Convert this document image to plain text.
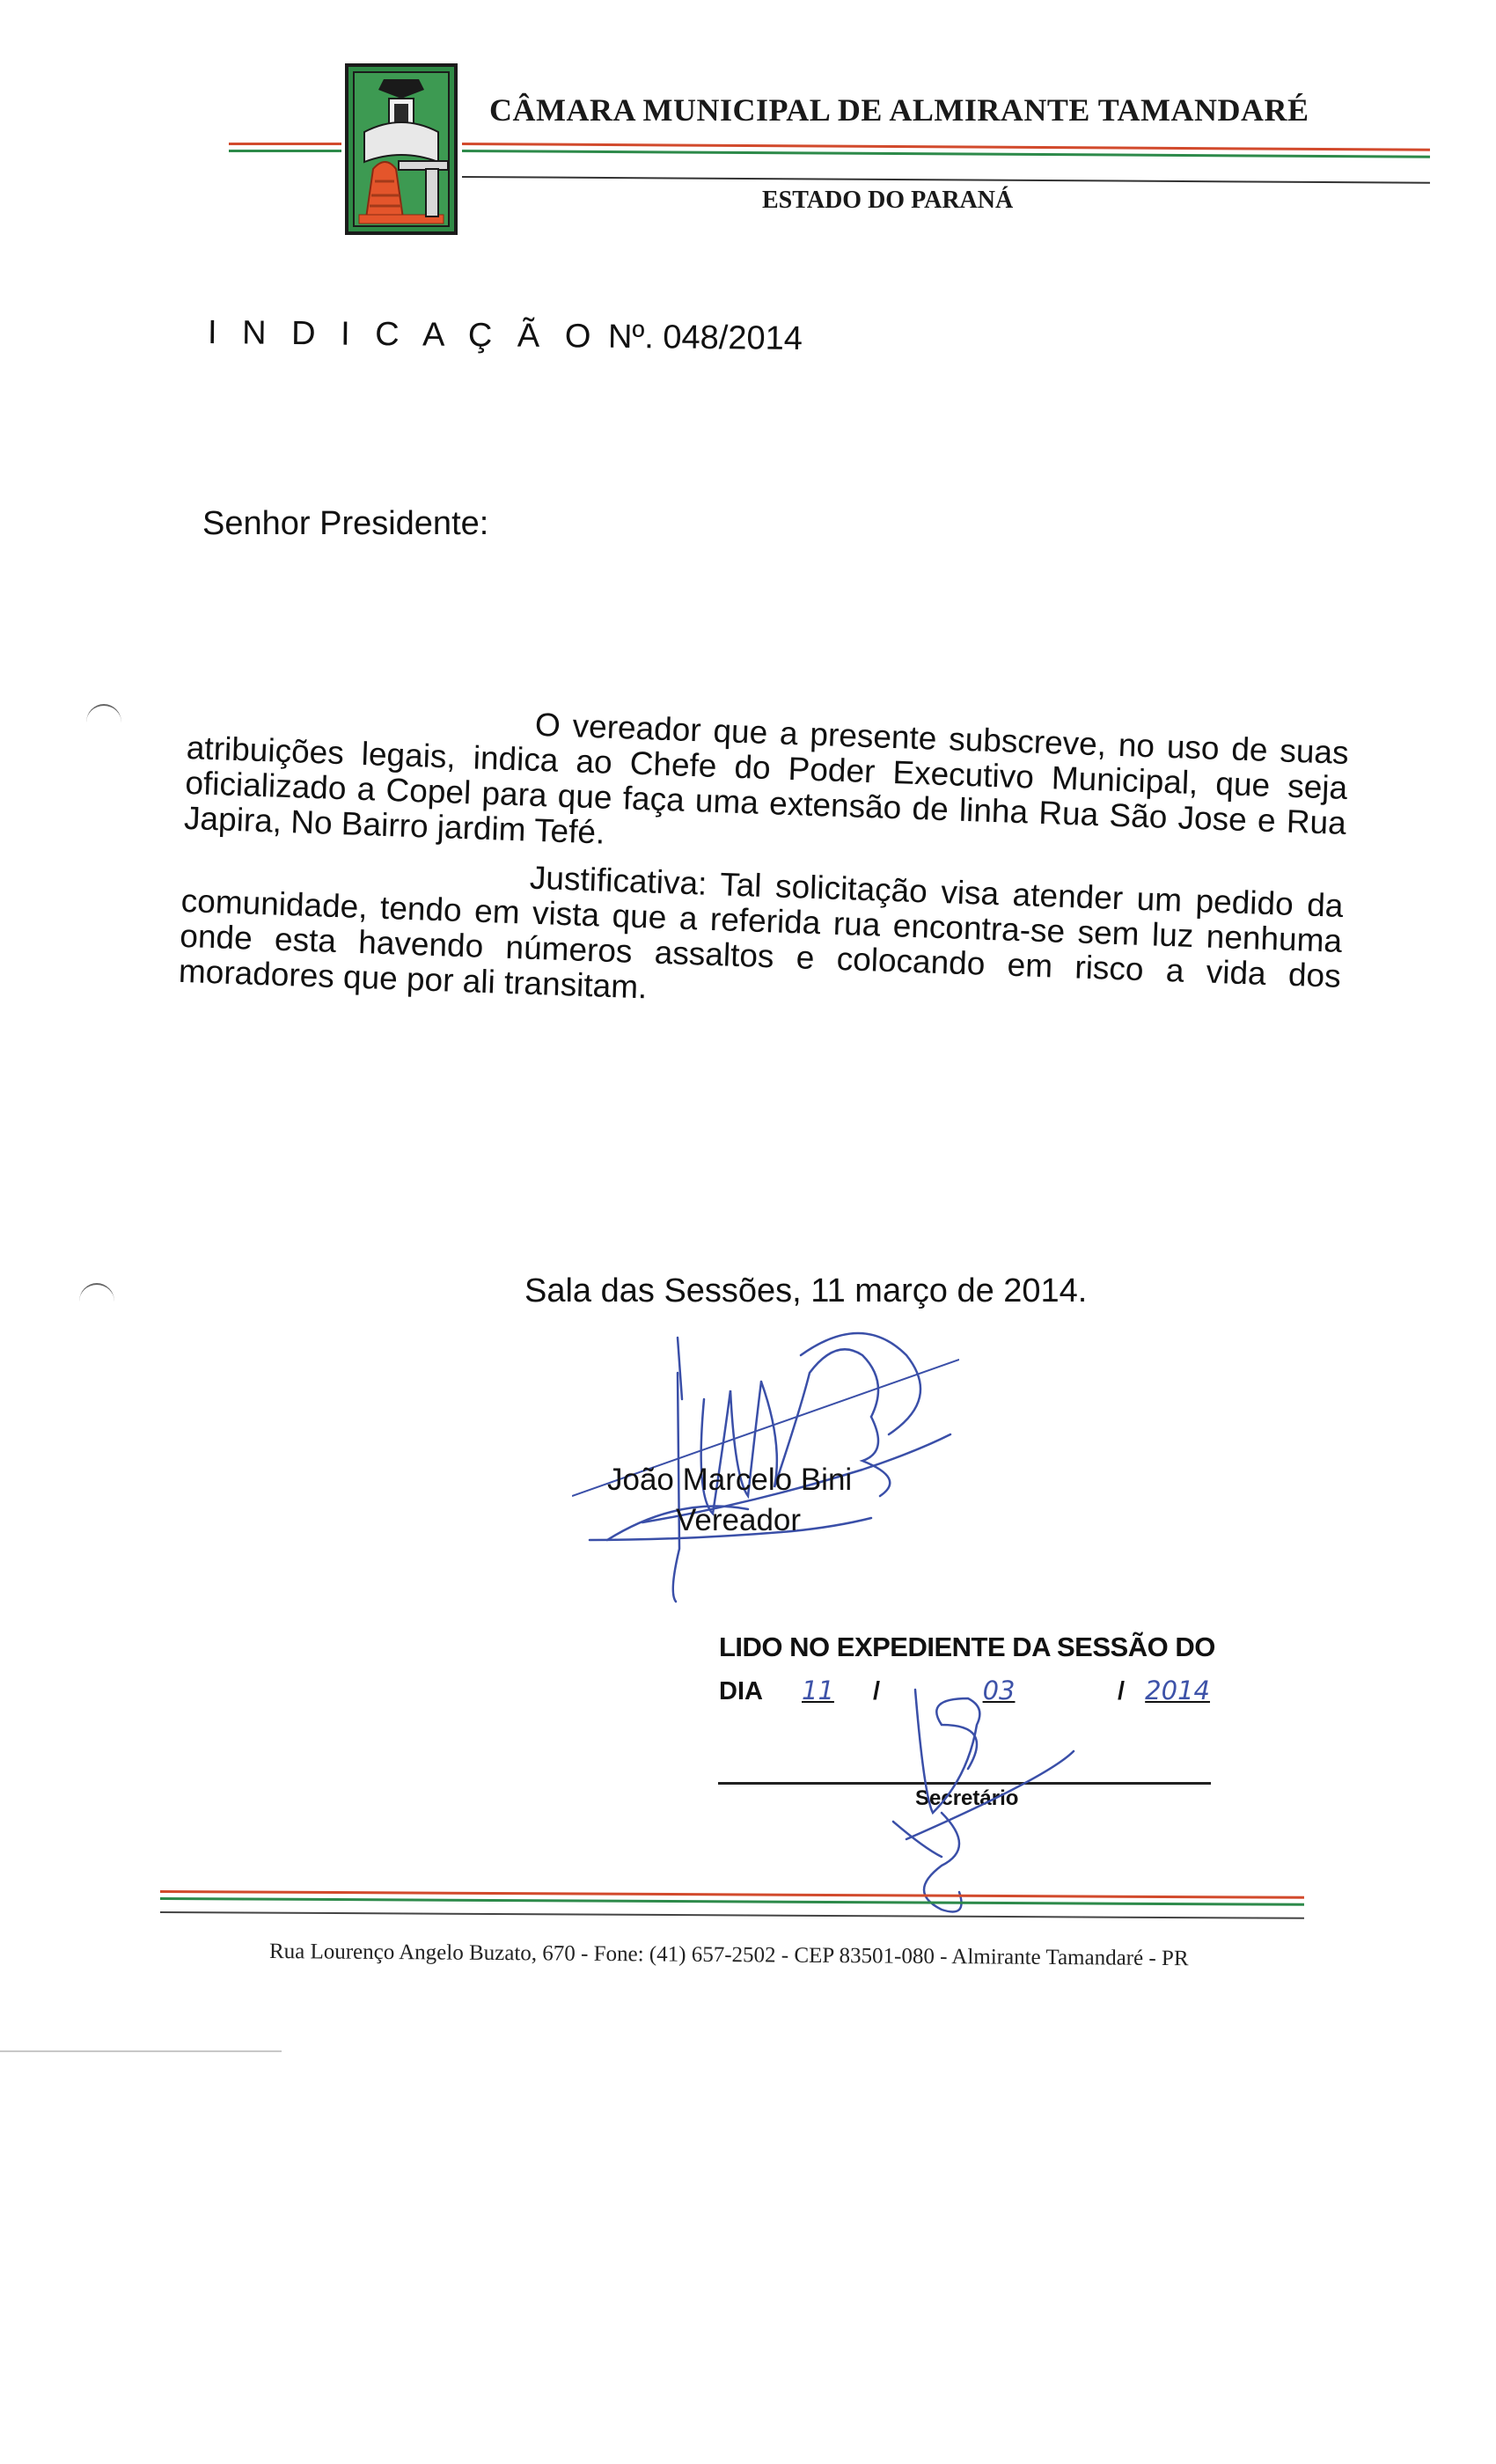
CÂMARA MUNICIPAL DE ALMIRANTE TAMANDARÉ
ESTADO DO PARANÁ
I N D I C A Ç Ã O Nº. 048/2014
Senhor Presidente:

O vereador que a presente subscreve, no uso de suas atribuições legais, indica ao Chefe do Poder Executivo Municipal, que seja oficializado a Copel para que faça uma extensão de linha Rua São Jose e Rua Japira, No Bairro jardim Tefé.

Justificativa: Tal solicitação visa atender um pedido da comunidade, tendo em vista que a referida rua encontra-se sem luz nenhuma onde esta havendo números assaltos e colocando em risco a vida dos moradores que por ali transitam.

Sala das Sessões, 11 março de 2014.
João Marcelo Bini
Vereador
LIDO NO EXPEDIENTE DA SESSÃO DO
DIA 11 /	03	/ 2014
Secretário
Rua Lourenço Angelo Buzato, 670 - Fone: (41) 657-2502 - CEP 83501-080 - Almirante Tamandaré - PR
